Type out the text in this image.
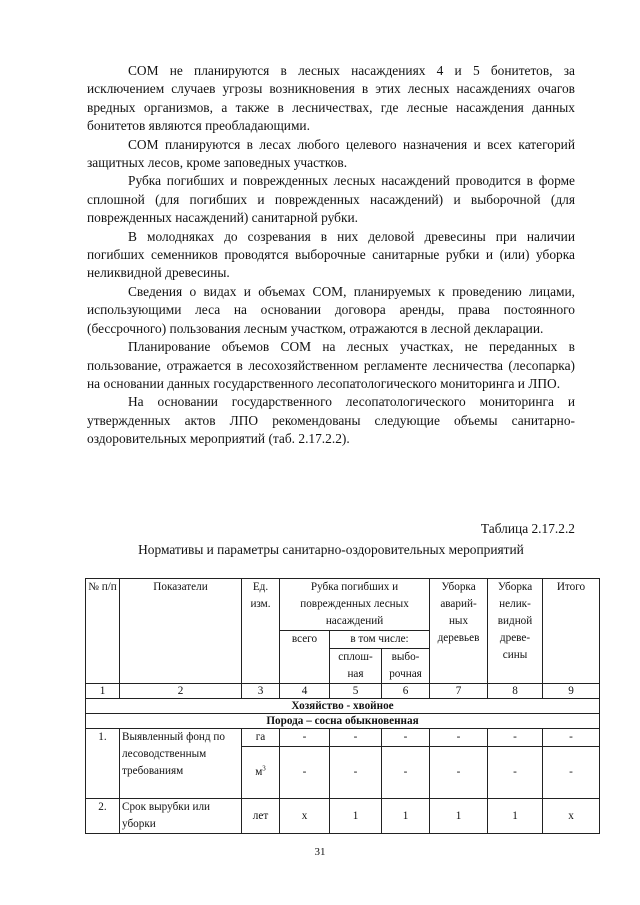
СОМ не планируются в лесных насаждениях 4 и 5 бонитетов, за исключением случаев угрозы возникновения в этих лесных насаждениях очагов вредных организмов, а также в лесничествах, где лесные насаждения данных бонитетов являются преобладающими.

СОМ планируются в лесах любого целевого назначения и всех категорий защитных лесов, кроме заповедных участков.

Рубка погибших и поврежденных лесных насаждений проводится в форме сплошной (для погибших и поврежденных насаждений) и выборочной (для поврежденных насаждений) санитарной рубки.

В молодняках до созревания в них деловой древесины при наличии погибших семенников проводятся выборочные санитарные рубки и (или) уборка неликвидной древесины.

Сведения о видах и объемах СОМ, планируемых к проведению лицами, использующими леса на основании договора аренды, права постоянного (бессрочного) пользования лесным участком, отражаются в лесной декларации.

Планирование объемов СОМ на лесных участках, не переданных в пользование, отражается в лесохозяйственном регламенте лесничества (лесопарка) на основании данных государственного лесопатологического мониторинга и ЛПО.

На основании государственного лесопатологического мониторинга и утвержденных актов ЛПО рекомендованы следующие объемы санитарно-оздоровительных мероприятий (таб. 2.17.2.2).

Таблица 2.17.2.2
Нормативы и параметры санитарно-оздоровительных мероприятий
№ п/п	Показатели	Ед. изм.	Рубка погибших и поврежденных лесных насаждений			Уборка аварий-ных деревьев	Уборка нелик-видной древе-сины	Итого
			всего	в том числе:				
				сплош-ная	выбо-рочная			
1	2	3	4	5	6	7	8	9
Хозяйство - хвойное								
Порода – сосна обыкновенная								
1.	Выявленный фонд по лесоводственным требованиям	га	-	-	-	-	-	-
		$м^3$	-	-	-	-	-	-
2.	Срок вырубки или уборки	лет	x	1	1	1	1	x
31
